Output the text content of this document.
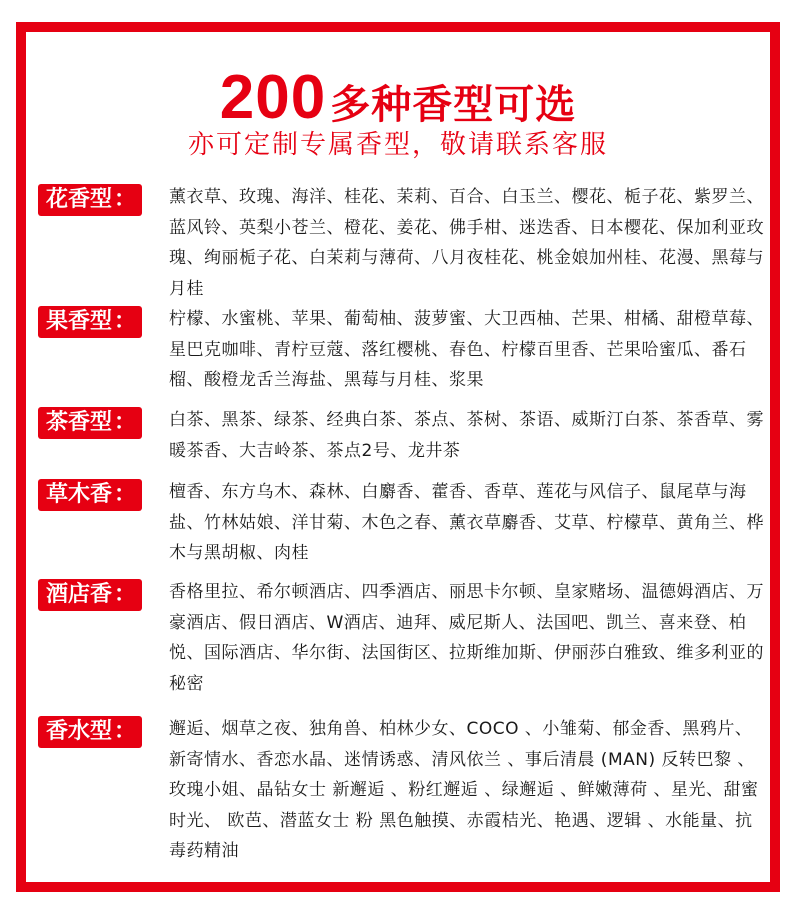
200 多种香型可选
亦可定制专属香型，敬请联系客服
花香型：	薰衣草、玫瑰、海洋、桂花、茉莉、百合、白玉兰、樱花、栀子花、紫罗兰、蓝风铃、英梨小苍兰、橙花、姜花、佛手柑、迷迭香、日本樱花、保加利亚玫瑰、绚丽栀子花、白茉莉与薄荷、八月夜桂花、桃金娘加州桂、花漫、黑莓与月桂
果香型：	柠檬、水蜜桃、苹果、葡萄柚、菠萝蜜、大卫西柚、芒果、柑橘、甜橙草莓、星巴克咖啡、青柠豆蔻、落红樱桃、春色、柠檬百里香、芒果哈蜜瓜、番石榴、酸橙龙舌兰海盐、黑莓与月桂、浆果
茶香型：	白茶、黑茶、绿茶、经典白茶、茶点、茶树、茶语、威斯汀白茶、茶香草、雾暖茶香、大吉岭茶、茶点2号、龙井茶
草木香：	檀香、东方乌木、森林、白麝香、藿香、香草、莲花与风信子、鼠尾草与海盐、竹林姑娘、洋甘菊、木色之春、薰衣草麝香、艾草、柠檬草、黄角兰、桦木与黑胡椒、肉桂
酒店香：	香格里拉、希尔顿酒店、四季酒店、丽思卡尔顿、皇家赌场、温德姆酒店、万豪酒店、假日酒店、W酒店、迪拜、威尼斯人、法国吧、凯兰、喜来登、柏悦、国际酒店、华尔街、法国街区、拉斯维加斯、伊丽莎白雅致、维多利亚的秘密
香水型：	邂逅、烟草之夜、独角兽、柏林少女、COCO 、小雏菊、郁金香、黑鸦片、新寄情水、香恋水晶、迷情诱惑、清风依兰 、事后清晨 (MAN) 反转巴黎 、玫瑰小姐、晶钻女士 新邂逅 、粉红邂逅 、绿邂逅 、鲜嫩薄荷 、星光、甜蜜时光、 欧芭、潜蓝女士 粉 黑色触摸、赤霞桔光、艳遇、逻辑 、水能量、抗毒药精油
